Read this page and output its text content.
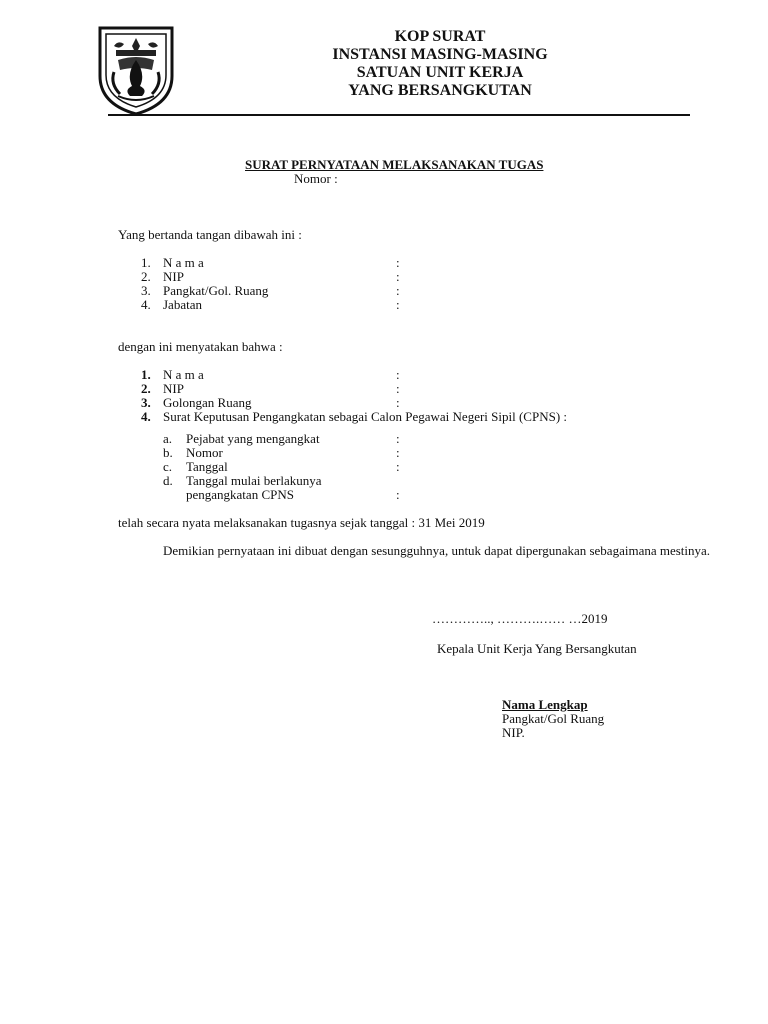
KOP SURAT
INSTANSI MASING-MASING
SATUAN UNIT KERJA
YANG BERSANGKUTAN
SURAT PERNYATAAN MELAKSANAKAN TUGAS
Nomor :
Yang bertanda tangan dibawah ini :
1. N a m a	:
2. NIP	:
3. Pangkat/Gol. Ruang	:
4. Jabatan	:
dengan ini menyatakan bahwa :
1. N a m a	:
2. NIP	:
3. Golongan Ruang	:
4. Surat Keputusan Pengangkatan sebagai Calon Pegawai Negeri Sipil (CPNS) :
a. Pejabat yang mengangkat	:
b. Nomor	:
c. Tanggal	:
d. Tanggal mulai berlakunya
pengangkatan CPNS	:
telah secara nyata melaksanakan tugasnya sejak tanggal : 31 Mei 2019
Demikian pernyataan ini dibuat dengan sesungguhnya, untuk dapat dipergunakan sebagaimana mestinya.
………….., ……….…… …2019
Kepala Unit Kerja Yang Bersangkutan
Nama Lengkap
Pangkat/Gol Ruang
NIP.
